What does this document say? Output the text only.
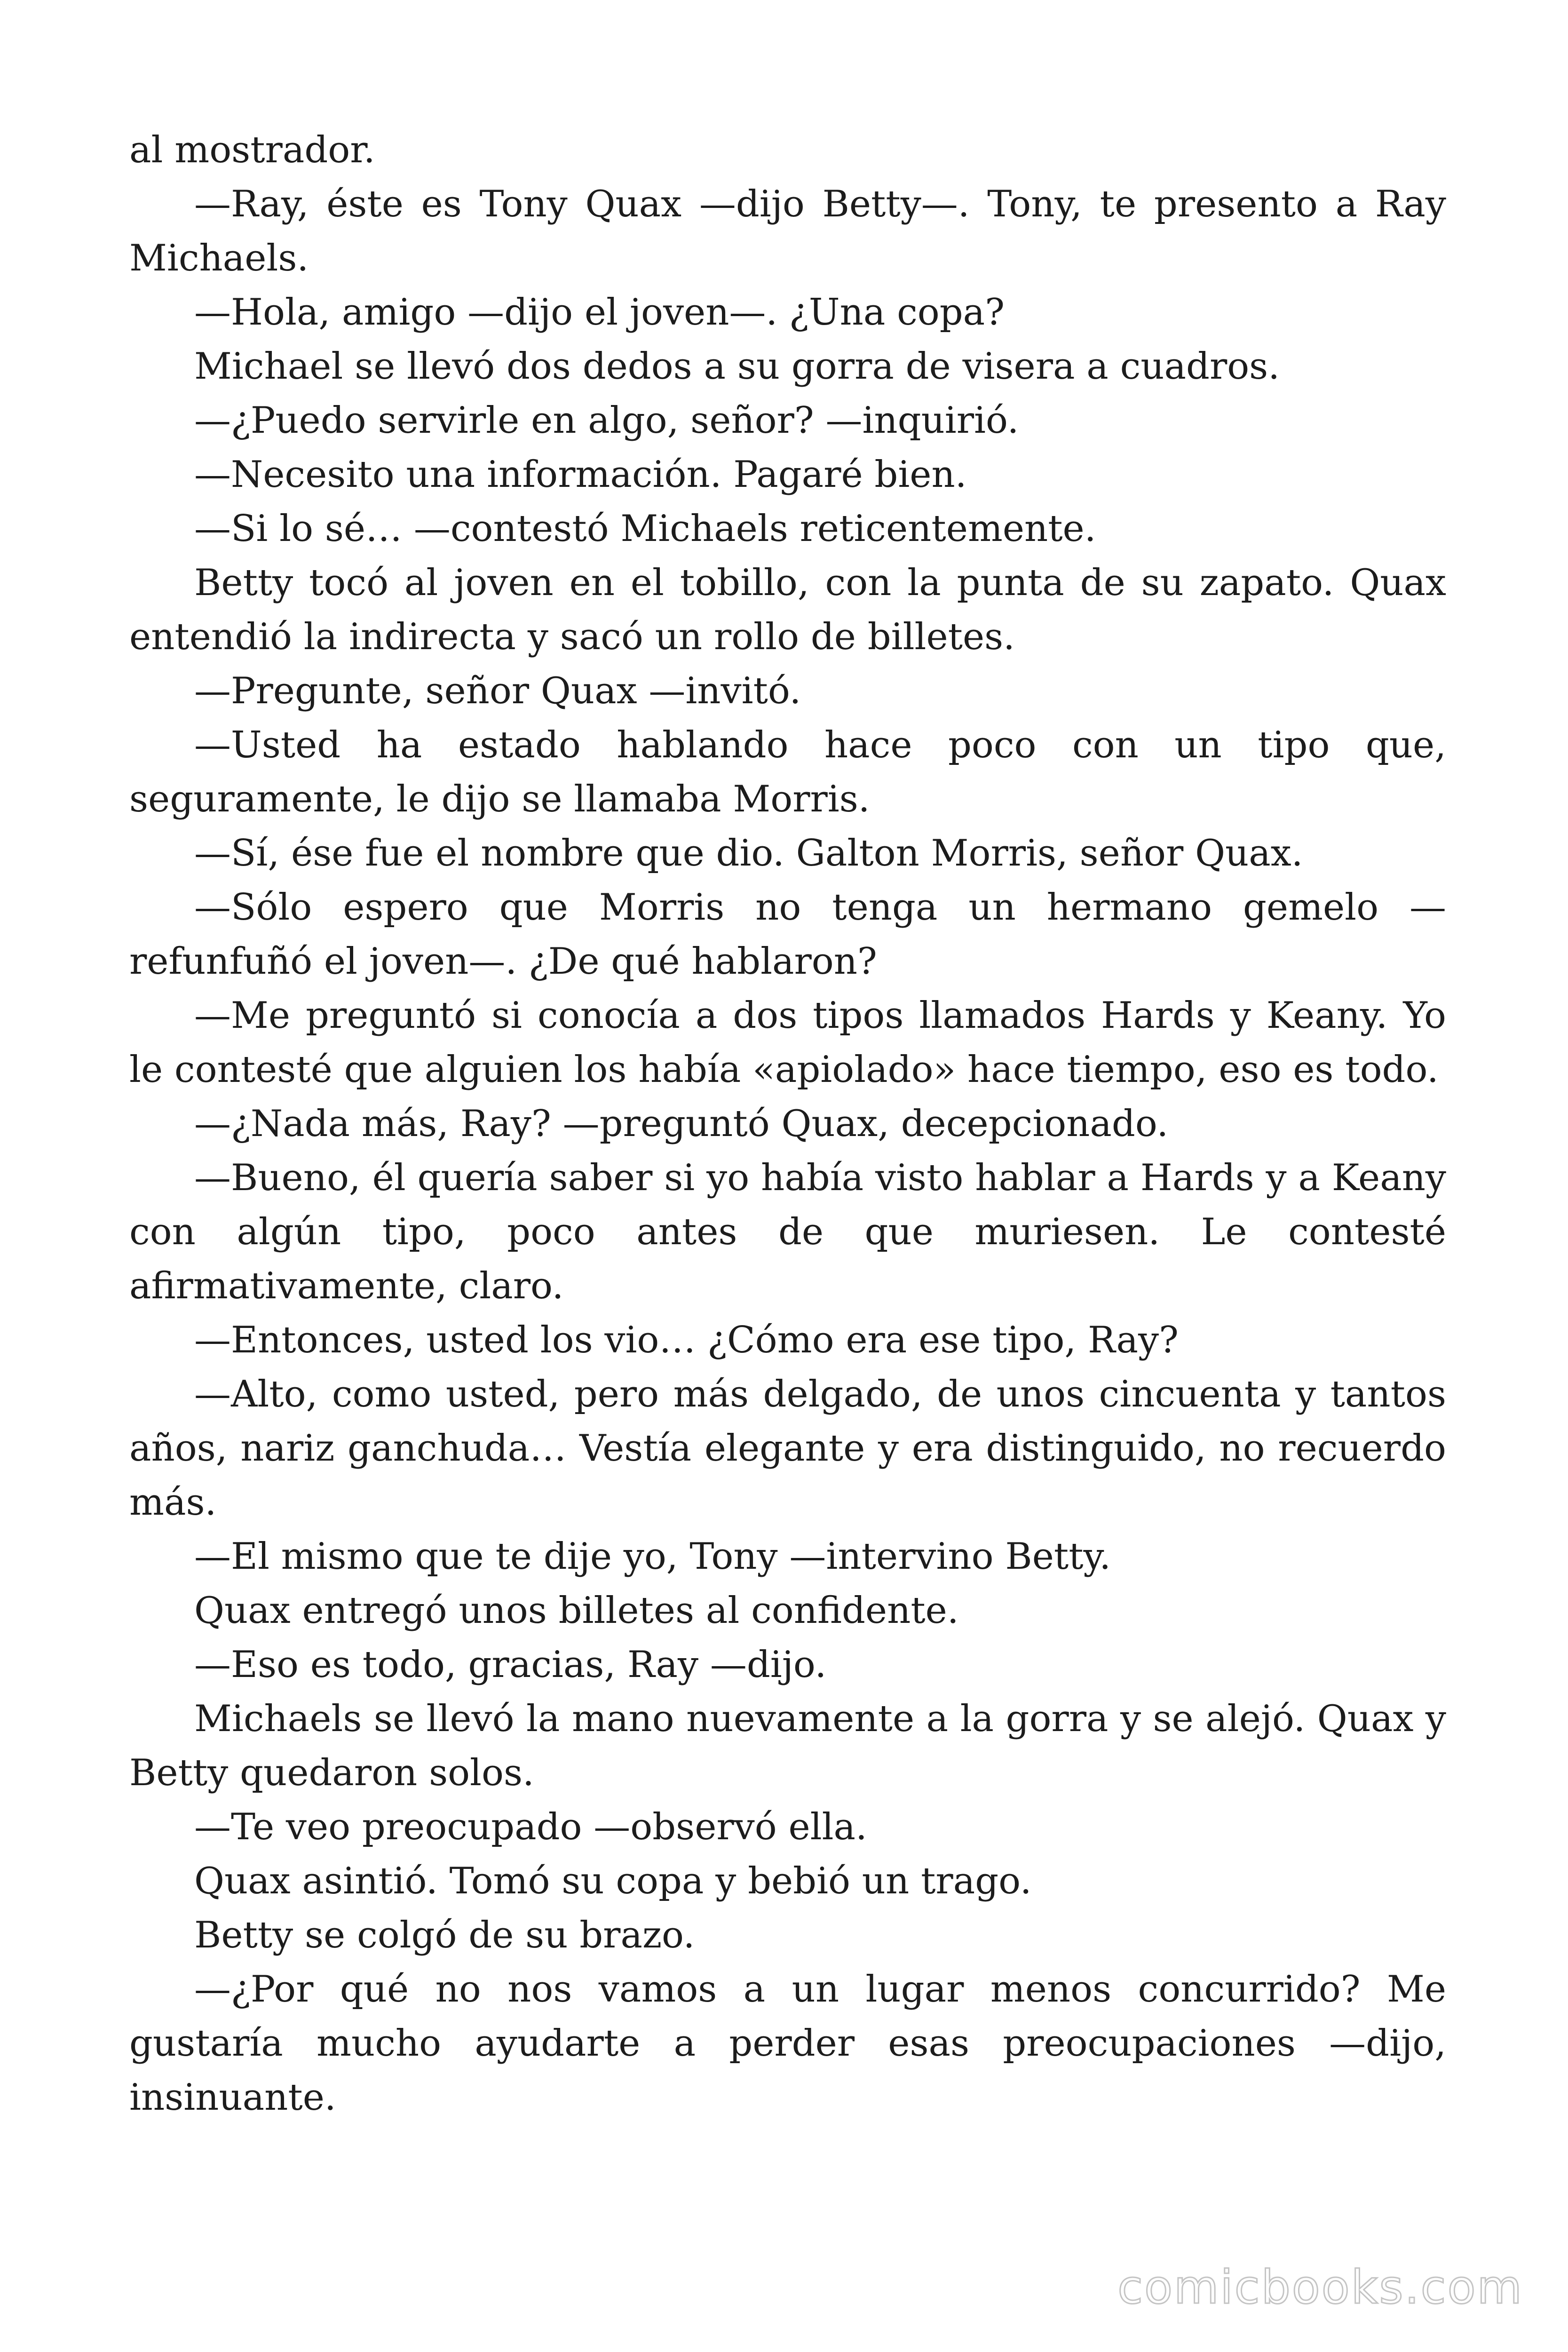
al mostrador.

—Ray, éste es Tony Quax —dijo Betty—. Tony, te presento a Ray Michaels.

—Hola, amigo —dijo el joven—. ¿Una copa?

Michael se llevó dos dedos a su gorra de visera a cuadros.

—¿Puedo servirle en algo, señor? —inquirió.

—Necesito una información. Pagaré bien.

—Si lo sé… —contestó Michaels reticentemente.

Betty tocó al joven en el tobillo, con la punta de su zapato. Quax entendió la indirecta y sacó un rollo de billetes.

—Pregunte, señor Quax —invitó.

—Usted ha estado hablando hace poco con un tipo que, seguramente, le dijo se llamaba Morris.

—Sí, ése fue el nombre que dio. Galton Morris, señor Quax.

—Sólo espero que Morris no tenga un hermano gemelo —refunfuñó el joven—. ¿De qué hablaron?

—Me preguntó si conocía a dos tipos llamados Hards y Keany. Yo le contesté que alguien los había «apiolado» hace tiempo, eso es todo.

—¿Nada más, Ray? —preguntó Quax, decepcionado.

—Bueno, él quería saber si yo había visto hablar a Hards y a Keany con algún tipo, poco antes de que muriesen. Le contesté afirmativamente, claro.

—Entonces, usted los vio… ¿Cómo era ese tipo, Ray?

—Alto, como usted, pero más delgado, de unos cincuenta y tantos años, nariz ganchuda… Vestía elegante y era distinguido, no recuerdo más.

—El mismo que te dije yo, Tony —intervino Betty.

Quax entregó unos billetes al confidente.

—Eso es todo, gracias, Ray —dijo.

Michaels se llevó la mano nuevamente a la gorra y se alejó. Quax y Betty quedaron solos.

—Te veo preocupado —observó ella.

Quax asintió. Tomó su copa y bebió un trago.

Betty se colgó de su brazo.

—¿Por qué no nos vamos a un lugar menos concurrido? Me gustaría mucho ayudarte a perder esas preocupaciones —dijo, insinuante.

comicbooks.com
